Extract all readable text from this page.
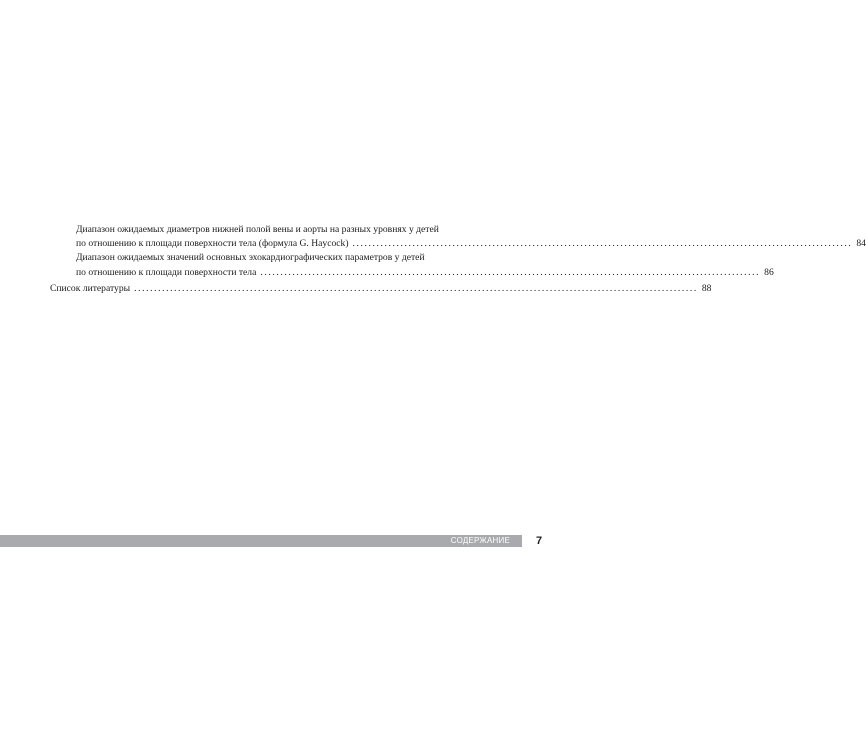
Диапазон ожидаемых диаметров нижней полой вены и аорты на разных уровнях у детей
по отношению к площади поверхности тела (формула G. Haycock) ............................................................................................................................. 84
Диапазон ожидаемых значений основных эхокардиографических параметров у детей
по отношению к площади поверхности тела ............................................................................................................................. 86
Список литературы ............................................................................................................................................. 88
СОДЕРЖАНИЕ	7
